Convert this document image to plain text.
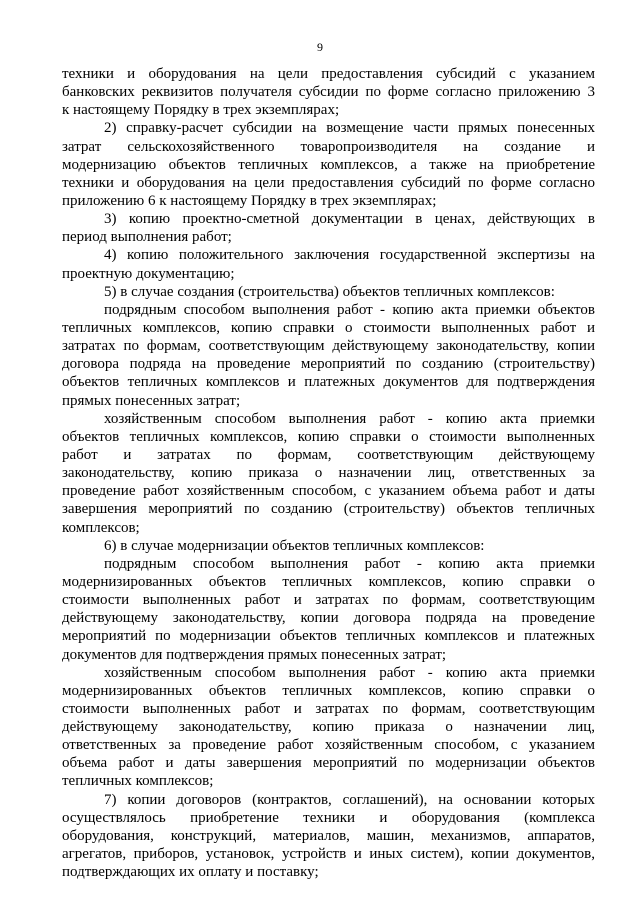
9
техники и оборудования на цели предоставления субсидий с указанием
банковских реквизитов получателя субсидии по форме согласно приложению 3
к настоящему Порядку в трех экземплярах;
2) справку-расчет субсидии на возмещение части прямых понесенных
затрат сельскохозяйственного товаропроизводителя на создание и
модернизацию объектов тепличных комплексов, а также на приобретение
техники и оборудования на цели предоставления субсидий по форме согласно
приложению 6 к настоящему Порядку в трех экземплярах;
3) копию проектно-сметной документации в ценах, действующих в
период выполнения работ;
4) копию положительного заключения государственной экспертизы на
проектную документацию;
5) в случае создания (строительства) объектов тепличных комплексов:
подрядным способом выполнения работ - копию акта приемки объектов
тепличных комплексов, копию справки о стоимости выполненных работ и
затратах по формам, соответствующим действующему законодательству, копии
договора подряда на проведение мероприятий по созданию (строительству)
объектов тепличных комплексов и платежных документов для подтверждения
прямых понесенных затрат;
хозяйственным способом выполнения работ - копию акта приемки
объектов тепличных комплексов, копию справки о стоимости выполненных
работ и затратах по формам, соответствующим действующему
законодательству, копию приказа о назначении лиц, ответственных за
проведение работ хозяйственным способом, с указанием объема работ и даты
завершения мероприятий по созданию (строительству) объектов тепличных
комплексов;
6) в случае модернизации объектов тепличных комплексов:
подрядным способом выполнения работ - копию акта приемки
модернизированных объектов тепличных комплексов, копию справки о
стоимости выполненных работ и затратах по формам, соответствующим
действующему законодательству, копии договора подряда на проведение
мероприятий по модернизации объектов тепличных комплексов и платежных
документов для подтверждения прямых понесенных затрат;
хозяйственным способом выполнения работ - копию акта приемки
модернизированных объектов тепличных комплексов, копию справки о
стоимости выполненных работ и затратах по формам, соответствующим
действующему законодательству, копию приказа о назначении лиц,
ответственных за проведение работ хозяйственным способом, с указанием
объема работ и даты завершения мероприятий по модернизации объектов
тепличных комплексов;
7) копии договоров (контрактов, соглашений), на основании которых
осуществлялось приобретение техники и оборудования (комплекса
оборудования, конструкций, материалов, машин, механизмов, аппаратов,
агрегатов, приборов, установок, устройств и иных систем), копии документов,
подтверждающих их оплату и поставку;
